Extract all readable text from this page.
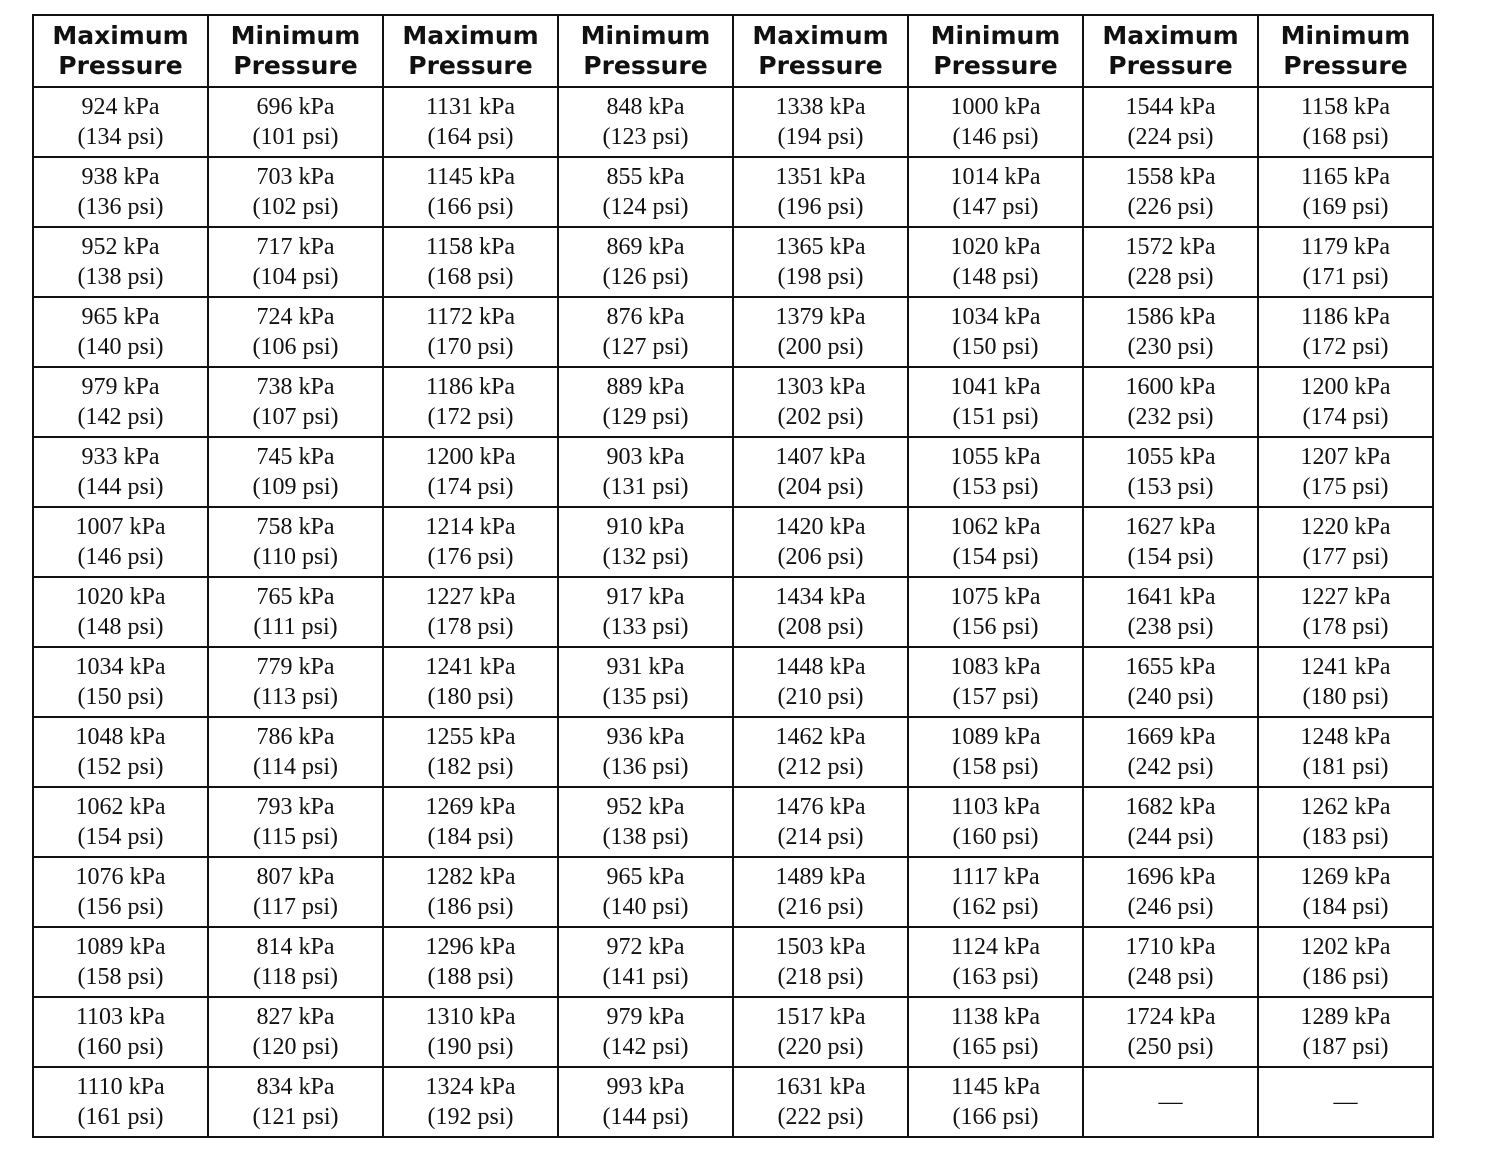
Maximum Pressure	Minimum Pressure	Maximum Pressure	Minimum Pressure	Maximum Pressure	Minimum Pressure	Maximum Pressure	Minimum Pressure

924 kPa
(134 psi)	696 kPa
(101 psi)	1131 kPa
(164 psi)	848 kPa
(123 psi)	1338 kPa
(194 psi)	1000 kPa
(146 psi)	1544 kPa
(224 psi)	1158 kPa
(168 psi)

938 kPa
(136 psi)	703 kPa
(102 psi)	1145 kPa
(166 psi)	855 kPa
(124 psi)	1351 kPa
(196 psi)	1014 kPa
(147 psi)	1558 kPa
(226 psi)	1165 kPa
(169 psi)

952 kPa
(138 psi)	717 kPa
(104 psi)	1158 kPa
(168 psi)	869 kPa
(126 psi)	1365 kPa
(198 psi)	1020 kPa
(148 psi)	1572 kPa
(228 psi)	1179 kPa
(171 psi)

965 kPa
(140 psi)	724 kPa
(106 psi)	1172 kPa
(170 psi)	876 kPa
(127 psi)	1379 kPa
(200 psi)	1034 kPa
(150 psi)	1586 kPa
(230 psi)	1186 kPa
(172 psi)

979 kPa
(142 psi)	738 kPa
(107 psi)	1186 kPa
(172 psi)	889 kPa
(129 psi)	1303 kPa
(202 psi)	1041 kPa
(151 psi)	1600 kPa
(232 psi)	1200 kPa
(174 psi)

933 kPa
(144 psi)	745 kPa
(109 psi)	1200 kPa
(174 psi)	903 kPa
(131 psi)	1407 kPa
(204 psi)	1055 kPa
(153 psi)	1055 kPa
(153 psi)	1207 kPa
(175 psi)

1007 kPa
(146 psi)	758 kPa
(110 psi)	1214 kPa
(176 psi)	910 kPa
(132 psi)	1420 kPa
(206 psi)	1062 kPa
(154 psi)	1627 kPa
(154 psi)	1220 kPa
(177 psi)

1020 kPa
(148 psi)	765 kPa
(111 psi)	1227 kPa
(178 psi)	917 kPa
(133 psi)	1434 kPa
(208 psi)	1075 kPa
(156 psi)	1641 kPa
(238 psi)	1227 kPa
(178 psi)

1034 kPa
(150 psi)	779 kPa
(113 psi)	1241 kPa
(180 psi)	931 kPa
(135 psi)	1448 kPa
(210 psi)	1083 kPa
(157 psi)	1655 kPa
(240 psi)	1241 kPa
(180 psi)

1048 kPa
(152 psi)	786 kPa
(114 psi)	1255 kPa
(182 psi)	936 kPa
(136 psi)	1462 kPa
(212 psi)	1089 kPa
(158 psi)	1669 kPa
(242 psi)	1248 kPa
(181 psi)

1062 kPa
(154 psi)	793 kPa
(115 psi)	1269 kPa
(184 psi)	952 kPa
(138 psi)	1476 kPa
(214 psi)	1103 kPa
(160 psi)	1682 kPa
(244 psi)	1262 kPa
(183 psi)

1076 kPa
(156 psi)	807 kPa
(117 psi)	1282 kPa
(186 psi)	965 kPa
(140 psi)	1489 kPa
(216 psi)	1117 kPa
(162 psi)	1696 kPa
(246 psi)	1269 kPa
(184 psi)

1089 kPa
(158 psi)	814 kPa
(118 psi)	1296 kPa
(188 psi)	972 kPa
(141 psi)	1503 kPa
(218 psi)	1124 kPa
(163 psi)	1710 kPa
(248 psi)	1202 kPa
(186 psi)

1103 kPa
(160 psi)	827 kPa
(120 psi)	1310 kPa
(190 psi)	979 kPa
(142 psi)	1517 kPa
(220 psi)	1138 kPa
(165 psi)	1724 kPa
(250 psi)	1289 kPa
(187 psi)

1110 kPa
(161 psi)	834 kPa
(121 psi)	1324 kPa
(192 psi)	993 kPa
(144 psi)	1631 kPa
(222 psi)	1145 kPa
(166 psi)	—	—
